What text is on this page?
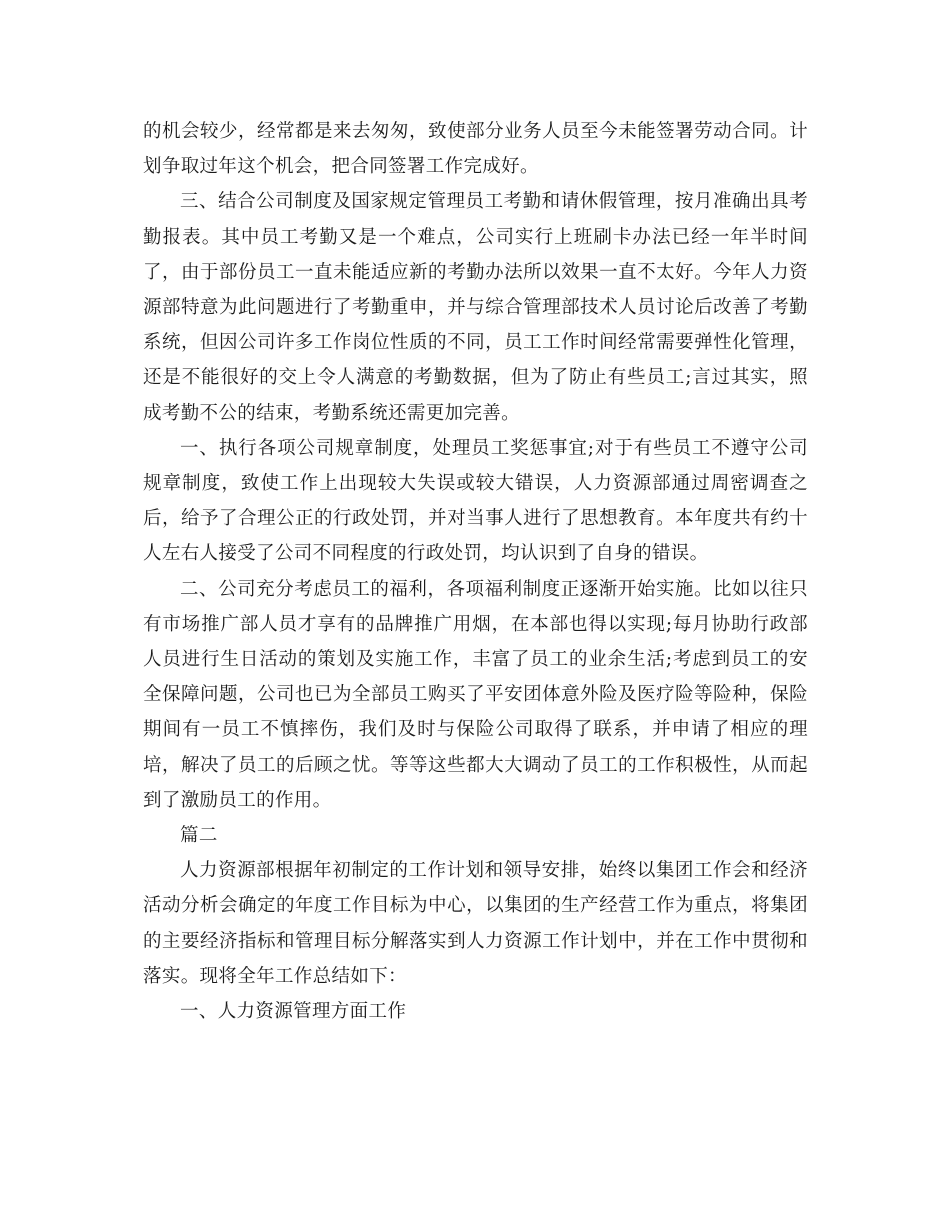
的机会较少，经常都是来去匆匆，致使部分业务人员至今未能签署劳动合同。计划争取过年这个机会，把合同签署工作完成好。

三、结合公司制度及国家规定管理员工考勤和请休假管理，按月准确出具考勤报表。其中员工考勤又是一个难点，公司实行上班刷卡办法已经一年半时间了，由于部份员工一直未能适应新的考勤办法所以效果一直不太好。今年人力资源部特意为此问题进行了考勤重申，并与综合管理部技术人员讨论后改善了考勤系统，但因公司许多工作岗位性质的不同，员工工作时间经常需要弹性化管理，还是不能很好的交上令人满意的考勤数据，但为了防止有些员工;言过其实，照成考勤不公的结束，考勤系统还需更加完善。

一、执行各项公司规章制度，处理员工奖惩事宜;对于有些员工不遵守公司规章制度，致使工作上出现较大失误或较大错误，人力资源部通过周密调查之后，给予了合理公正的行政处罚，并对当事人进行了思想教育。本年度共有约十人左右人接受了公司不同程度的行政处罚，均认识到了自身的错误。

二、公司充分考虑员工的福利，各项福利制度正逐渐开始实施。比如以往只有市场推广部人员才享有的品牌推广用烟，在本部也得以实现;每月协助行政部人员进行生日活动的策划及实施工作，丰富了员工的业余生活;考虑到员工的安全保障问题，公司也已为全部员工购买了平安团体意外险及医疗险等险种，保险期间有一员工不慎摔伤，我们及时与保险公司取得了联系，并申请了相应的理培，解决了员工的后顾之忧。等等这些都大大调动了员工的工作积极性，从而起到了激励员工的作用。

篇二

人力资源部根据年初制定的工作计划和领导安排，始终以集团工作会和经济活动分析会确定的年度工作目标为中心，以集团的生产经营工作为重点，将集团的主要经济指标和管理目标分解落实到人力资源工作计划中，并在工作中贯彻和落实。现将全年工作总结如下：

一、人力资源管理方面工作
